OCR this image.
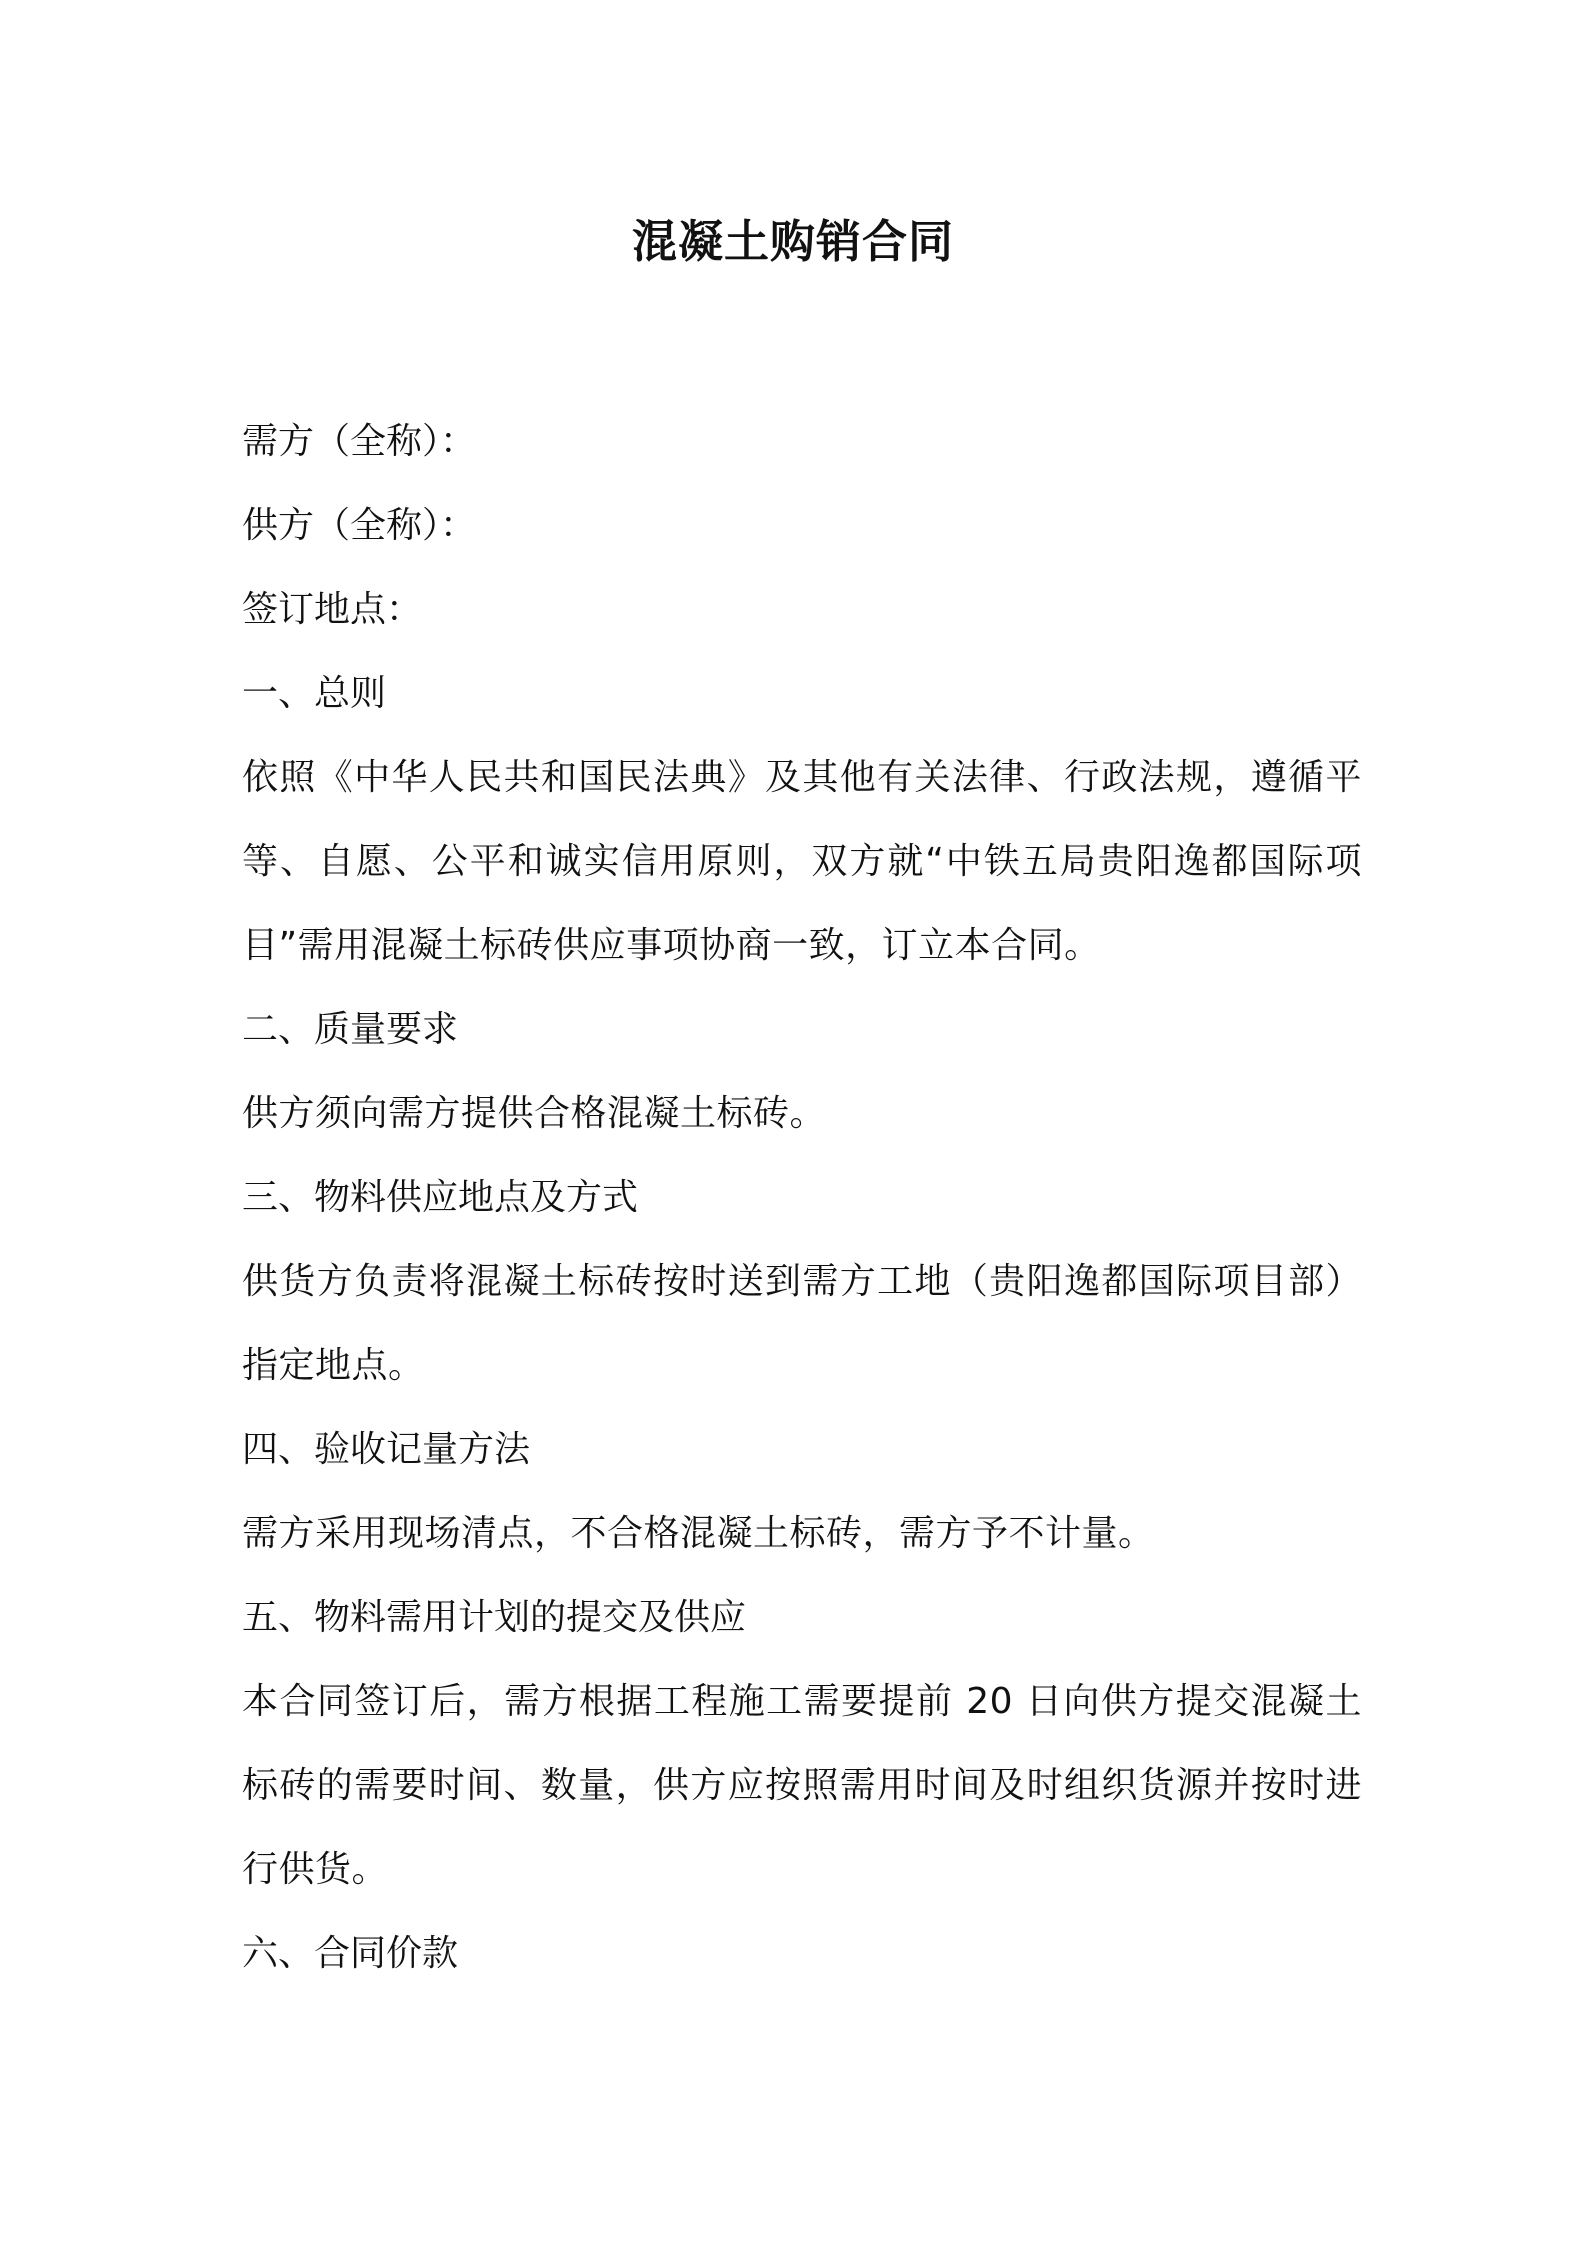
混凝土购销合同

需方（全称）：

供方（全称）：

签订地点：

一、总则

依照《中华人民共和国民法典》及其他有关法律、行政法规，遵循平等、自愿、公平和诚实信用原则，双方就“中铁五局贵阳逸都国际项目”需用混凝土标砖供应事项协商一致，订立本合同。

二、质量要求

供方须向需方提供合格混凝土标砖。

三、物料供应地点及方式

供货方负责将混凝土标砖按时送到需方工地（贵阳逸都国际项目部）指定地点。

四、验收记量方法

需方采用现场清点，不合格混凝土标砖，需方予不计量。

五、物料需用计划的提交及供应

本合同签订后，需方根据工程施工需要提前 20 日向供方提交混凝土标砖的需要时间、数量，供方应按照需用时间及时组织货源并按时进行供货。

六、合同价款
